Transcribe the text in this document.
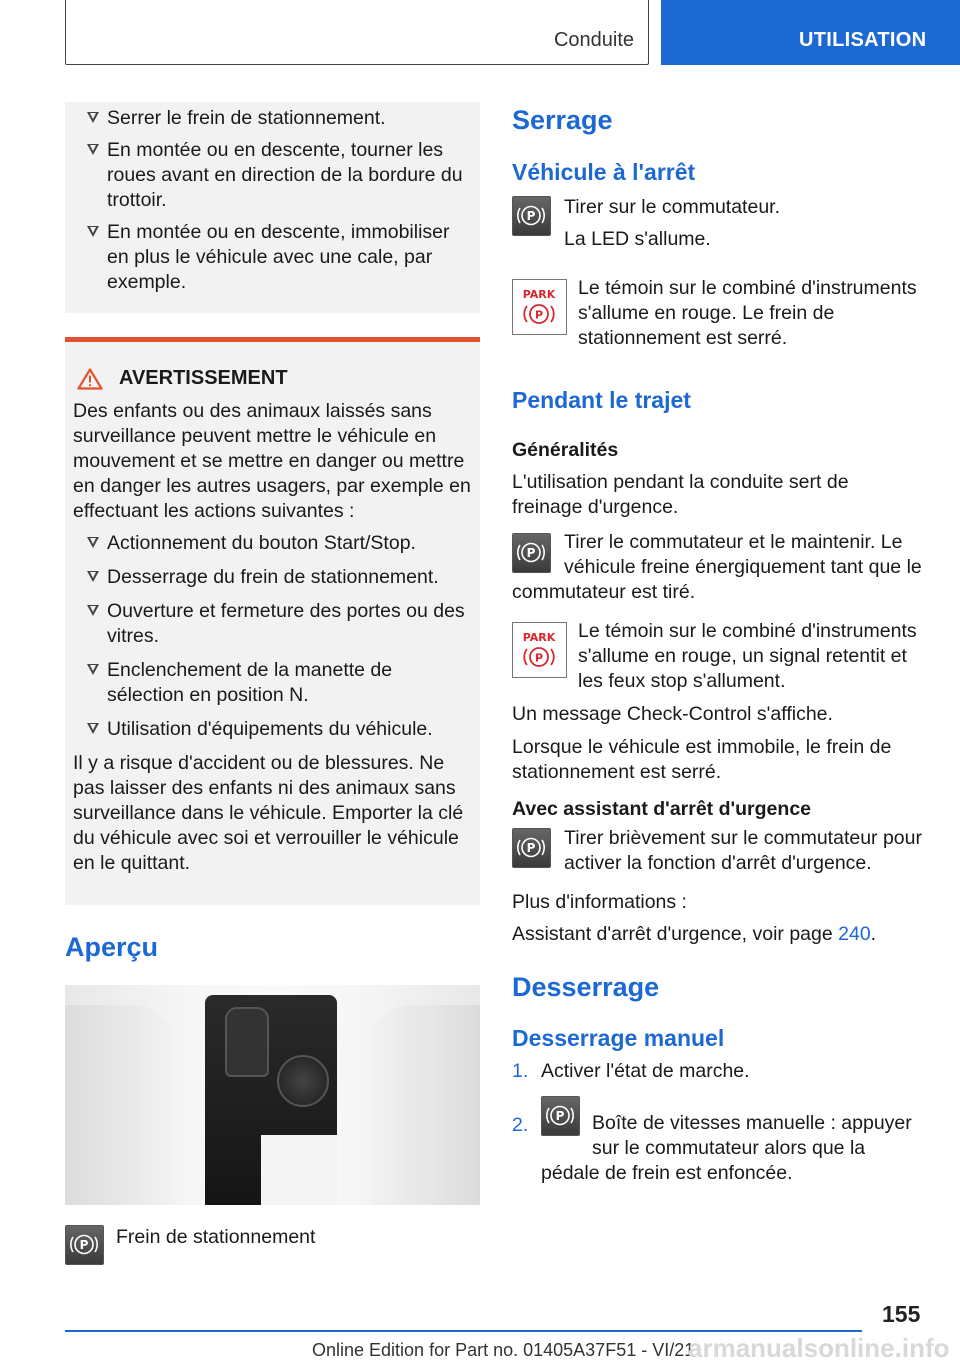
Conduite	UTILISATION
Serrer le frein de stationnement.
En montée ou en descente, tourner les roues avant en direction de la bordure du trottoir.
En montée ou en descente, immobiliser en plus le véhicule avec une cale, par exemple.
AVERTISSEMENT

Des enfants ou des animaux laissés sans surveillance peuvent mettre le véhicule en mouvement et se mettre en danger ou mettre en danger les autres usagers, par exemple en effectuant les actions suivantes :

Actionnement du bouton Start/Stop.
Desserrage du frein de stationnement.
Ouverture et fermeture des portes ou des vitres.
Enclenchement de la manette de sélection en position N.
Utilisation d'équipements du véhicule.

Il y a risque d'accident ou de blessures. Ne pas laisser des enfants ni des animaux sans surveillance dans le véhicule. Emporter la clé du véhicule avec soi et verrouiller le véhicule en le quittant.

Aperçu
P Frein de stationnement
Serrage
Véhicule à l'arrêt
P Tirer sur le commutateur.
La LED s'allume.
PARK
P
Le témoin sur le combiné d'instruments s'allume en rouge. Le frein de stationnement est serré.
Pendant le trajet
Généralités
L'utilisation pendant la conduite sert de freinage d'urgence.
P Tirer le commutateur et le maintenir. Le véhicule freine énergiquement tant que le commutateur est tiré.
PARK
P
Le témoin sur le combiné d'instruments s'allume en rouge, un signal retentit et les feux stop s'allument.
Un message Check-Control s'affiche.
Lorsque le véhicule est immobile, le frein de stationnement est serré.
Avec assistant d'arrêt d'urgence
P Tirer brièvement sur le commutateur pour activer la fonction d'arrêt d'urgence.
Plus d'informations :
Assistant d'arrêt d'urgence, voir page 240.
Desserrage
Desserrage manuel
1. Activer l'état de marche.
2. P	Boîte de vitesses manuelle : appuyer sur le commutateur alors que la pédale de frein est enfoncée.
155
Online Edition for Part no. 01405A37F51 - VI/21
armanualsonline.info
